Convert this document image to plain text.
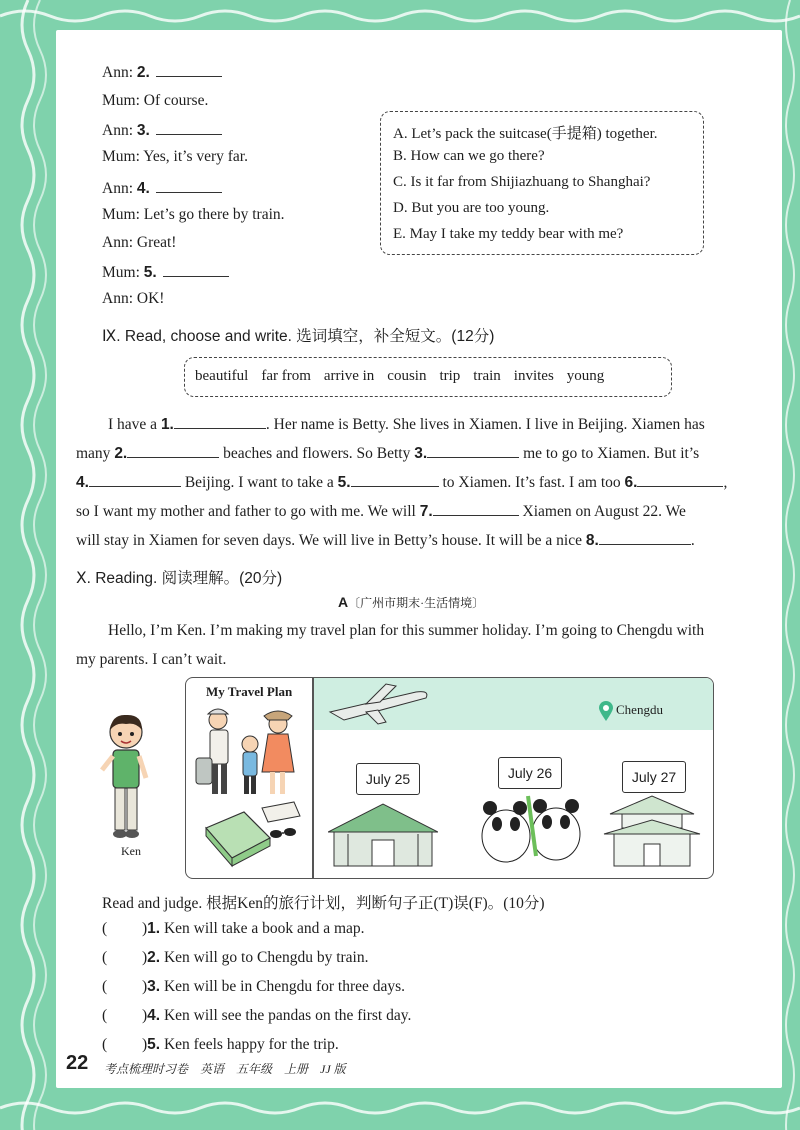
Ann: 2.
Mum: Of course.
Ann: 3.
Mum: Yes, it’s very far.
Ann: 4.
Mum: Let’s go there by train.
Ann: Great!
Mum: 5.
Ann: OK!
A. Let’s pack the suitcase(手提箱) together.
B. How can we go there?
C. Is it far from Shijiazhuang to Shanghai?
D. But you are too young.
E. May I take my teddy bear with me?
Ⅸ. Read, choose and write. 选词填空，补全短文。(12分)
beautiful far from arrive in cousin trip train invites young
I have a 1.	. Her name is Betty. She lives in Xiamen. I live in Beijing. Xiamen has
many 2.	beaches and flowers. So Betty 3.	me to go to Xiamen. But it’s
4.	Beijing. I want to take a 5.	to Xiamen. It’s fast. I am too 6.	,
so I want my mother and father to go with me. We will 7.	Xiamen on August 22. We
will stay in Xiamen for seven days. We will live in Betty’s house. It will be a nice 8.	.
Ⅹ. Reading. 阅读理解。(20分)
A〔广州市期末·生活情境〕
Hello, I’m Ken. I’m making my travel plan for this summer holiday. I’m going to Chengdu with
my parents. I can’t wait.
Ken
My Travel Plan
Chengdu
July 25	July 26	July 27
Read and judge. 根据Ken的旅行计划，判断句子正(T)误(F)。(10分)
( )1. Ken will take a book and a map.
( )2. Ken will go to Chengdu by train.
( )3. Ken will be in Chengdu for three days.
( )4. Ken will see the pandas on the first day.
( )5. Ken feels happy for the trip.
22 考点梳理时习卷　英语　五年级　上册　JJ 版
